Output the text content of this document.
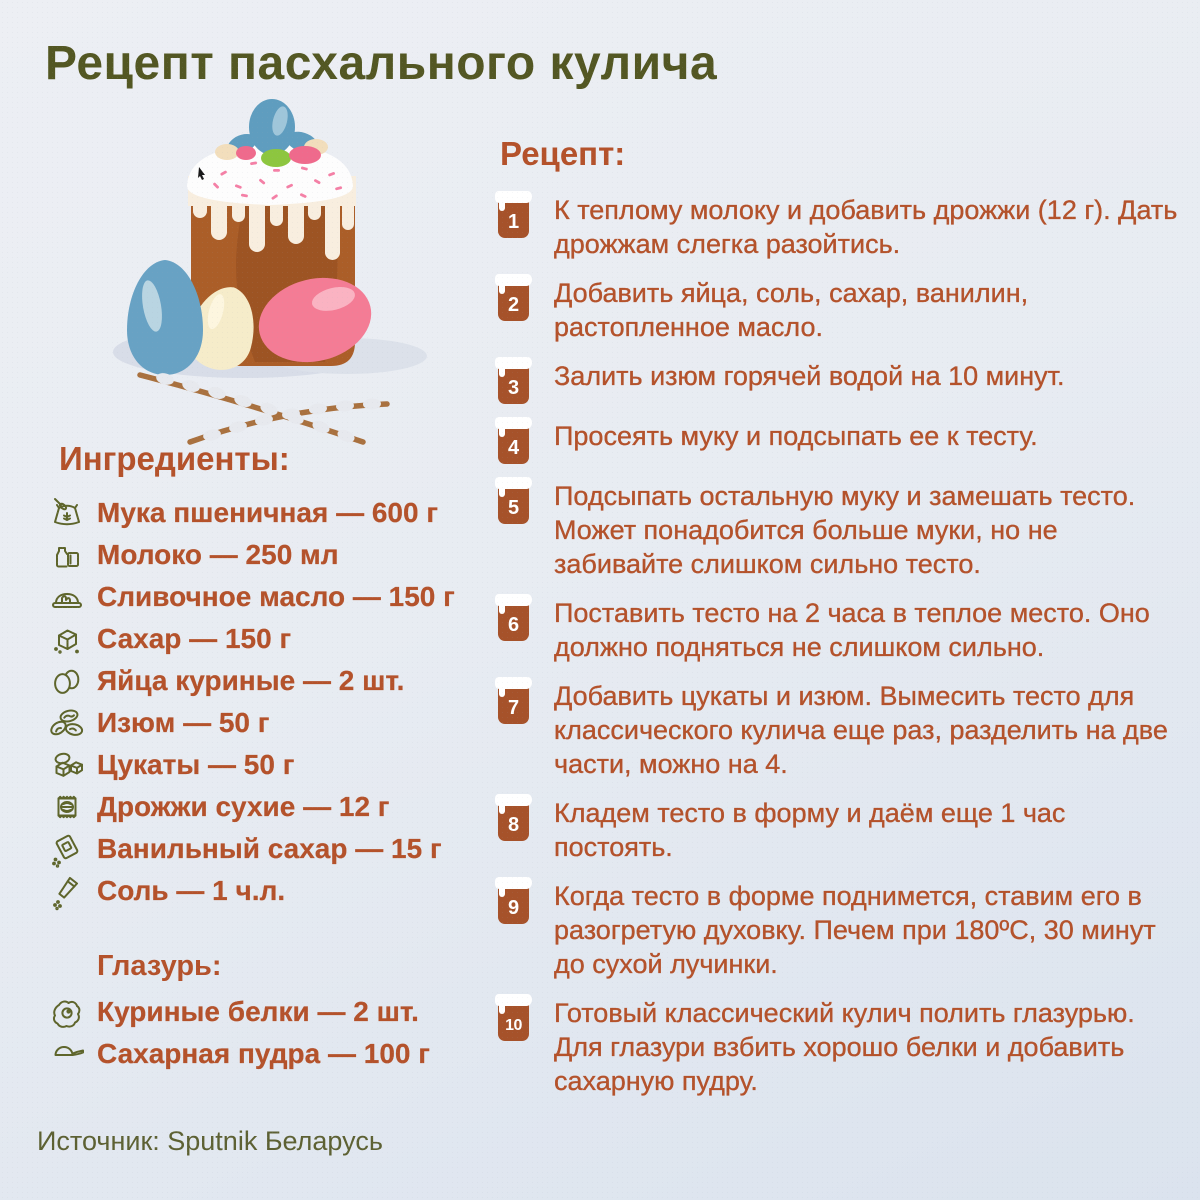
Рецепт пасхального кулича
Ингредиенты:
Мука пшеничная — 600 г
Молоко — 250 мл
Сливочное масло — 150 г
Сахар — 150 г
Яйца куриные — 2 шт.
Изюм — 50 г
Цукаты — 50 г
Дрожжи сухие — 12 г
Ванильный сахар — 15 г
Соль — 1 ч.л.
Глазурь:
Куриные белки — 2 шт.
Сахарная пудра — 100 г
Рецепт:
1	К теплому молоку и добавить дрожжи (12 г). Дать дрожжам слегка разойтись.
2	Добавить яйца, соль, сахар, ванилин, растопленное масло.
3	Залить изюм горячей водой на 10 минут.
4	Просеять муку и подсыпать ее к тесту.
5	Подсыпать остальную муку и замешать тесто. Может понадобится больше муки, но не забивайте слишком сильно тесто.
6	Поставить тесто на 2 часа в теплое место. Оно должно подняться не слишком сильно.
7	Добавить цукаты и изюм. Вымесить тесто для классического кулича еще раз, разделить на две части, можно на 4.
8	Кладем тесто в форму и даём еще 1 час постоять.
9	Когда тесто в форме поднимется, ставим его в разогретую духовку. Печем при 180ºC, 30 минут до сухой лучинки.
10 Готовый классический кулич полить глазурью. Для глазури взбить хорошо белки и добавить сахарную пудру.
Источник: Sputnik Беларусь
